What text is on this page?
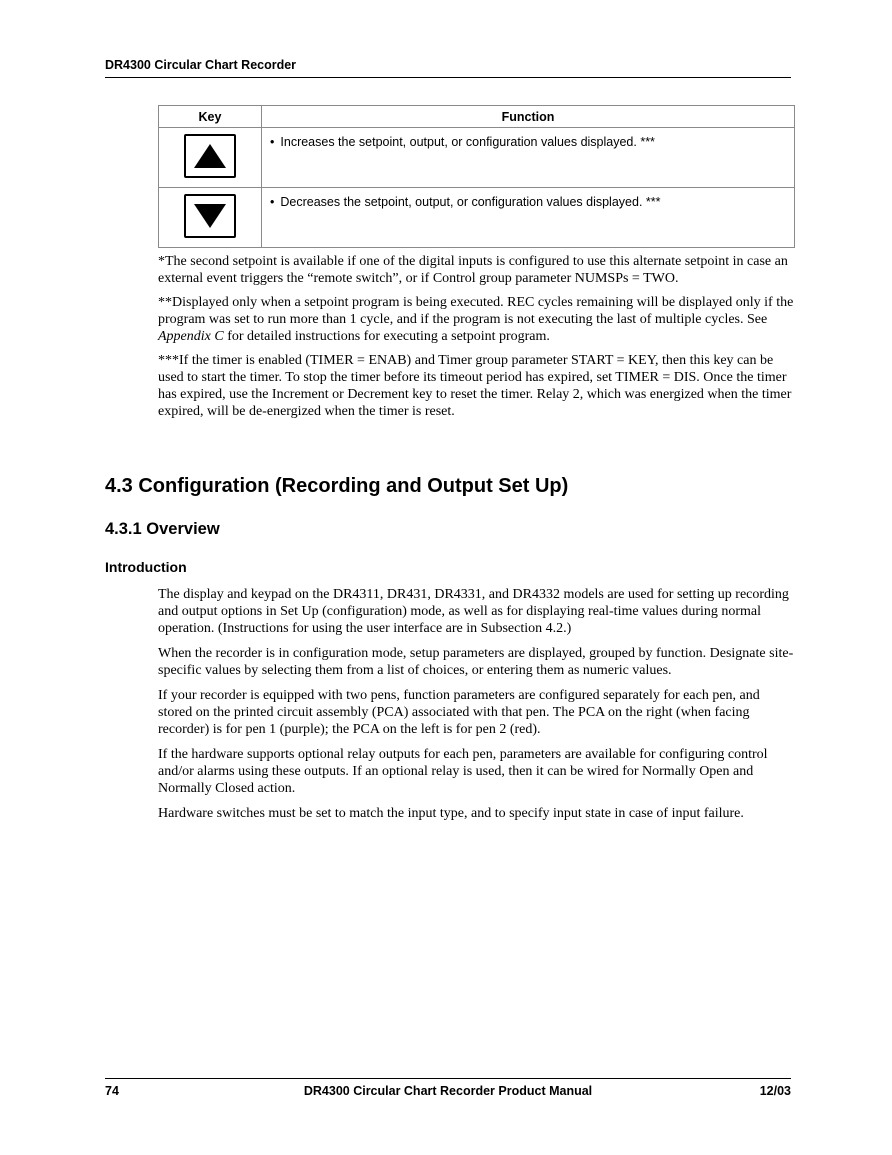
DR4300 Circular Chart Recorder
Key	Function

	• Increases the setpoint, output, or configuration values displayed. ***

	• Decreases the setpoint, output, or configuration values displayed. ***

*The second setpoint is available if one of the digital inputs is configured to use this alternate setpoint in case an external event triggers the “remote switch”, or if Control group parameter NUMSPs = TWO.

**Displayed only when a setpoint program is being executed. REC cycles remaining will be displayed only if the program was set to run more than 1 cycle, and if the program is not executing the last of multiple cycles. See Appendix C for detailed instructions for executing a setpoint program.

***If the timer is enabled (TIMER = ENAB) and Timer group parameter START = KEY, then this key can be used to start the timer. To stop the timer before its timeout period has expired, set TIMER = DIS. Once the timer has expired, use the Increment or Decrement key to reset the timer. Relay 2, which was energized when the timer expired, will be de-energized when the timer is reset.

4.3 Configuration (Recording and Output Set Up)
4.3.1 Overview
Introduction

The display and keypad on the DR4311, DR431, DR4331, and DR4332 models are used for setting up recording and output options in Set Up (configuration) mode, as well as for displaying real-time values during normal operation. (Instructions for using the user interface are in Subsection 4.2.)

When the recorder is in configuration mode, setup parameters are displayed, grouped by function. Designate site-specific values by selecting them from a list of choices, or entering them as numeric values.

If your recorder is equipped with two pens, function parameters are configured separately for each pen, and stored on the printed circuit assembly (PCA) associated with that pen. The PCA on the right (when facing recorder) is for pen 1 (purple); the PCA on the left is for pen 2 (red).

If the hardware supports optional relay outputs for each pen, parameters are available for configuring control and/or alarms using these outputs. If an optional relay is used, then it can be wired for Normally Open and Normally Closed action.

Hardware switches must be set to match the input type, and to specify input state in case of input failure.

74	DR4300 Circular Chart Recorder Product Manual	12/03
